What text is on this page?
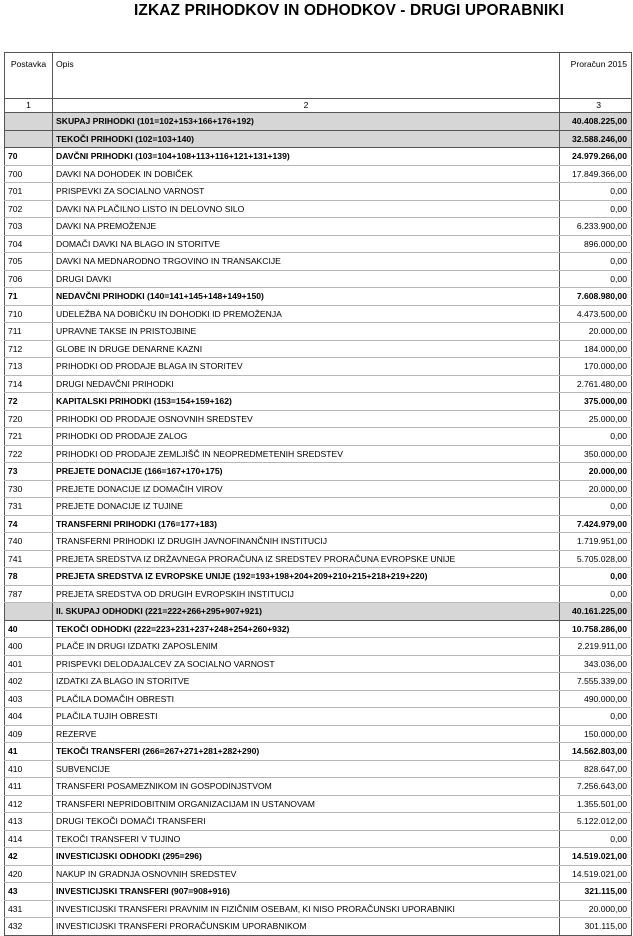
IZKAZ PRIHODKOV IN ODHODKOV - DRUGI UPORABNIKI
Postavka	Opis	Proračun 2015
1	2	3
	SKUPAJ PRIHODKI (101=102+153+166+176+192)	40.408.225,00
	TEKOČI PRIHODKI (102=103+140)	32.588.246,00
70	DAVČNI PRIHODKI (103=104+108+113+116+121+131+139)	24.979.266,00
700	DAVKI NA DOHODEK IN DOBIČEK	17.849.366,00
701	PRISPEVKI ZA SOCIALNO VARNOST	0,00
702	DAVKI NA PLAČILNO LISTO IN DELOVNO SILO	0,00
703	DAVKI NA PREMOŽENJE	6.233.900,00
704	DOMAČI DAVKI NA BLAGO IN STORITVE	896.000,00
705	DAVKI NA MEDNARODNO TRGOVINO IN TRANSAKCIJE	0,00
706	DRUGI DAVKI	0,00
71	NEDAVČNI PRIHODKI (140=141+145+148+149+150)	7.608.980,00
710	UDELEŽBA NA DOBIČKU IN DOHODKI ID PREMOŽENJA	4.473.500,00
711	UPRAVNE TAKSE IN PRISTOJBINE	20.000,00
712	GLOBE IN DRUGE DENARNE KAZNI	184.000,00
713	PRIHODKI OD PRODAJE BLAGA IN STORITEV	170.000,00
714	DRUGI NEDAVČNI PRIHODKI	2.761.480,00
72	KAPITALSKI PRIHODKI (153=154+159+162)	375.000,00
720	PRIHODKI OD PRODAJE OSNOVNIH SREDSTEV	25.000,00
721	PRIHODKI OD PRODAJE ZALOG	0,00
722	PRIHODKI OD PRODAJE ZEMLJIŠČ IN NEOPREDMETENIH SREDSTEV	350.000,00
73	PREJETE DONACIJE (166=167+170+175)	20.000,00
730	PREJETE DONACIJE IZ DOMAČIH VIROV	20.000,00
731	PREJETE DONACIJE IZ TUJINE	0,00
74	TRANSFERNI PRIHODKI (176=177+183)	7.424.979,00
740	TRANSFERNI PRIHODKI IZ DRUGIH JAVNOFINANČNIH INSTITUCIJ	1.719.951,00
741	PREJETA SREDSTVA IZ DRŽAVNEGA PRORAČUNA IZ SREDSTEV PRORAČUNA EVROPSKE UNIJE	5.705.028,00
78	PREJETA SREDSTVA IZ EVROPSKE UNIJE (192=193+198+204+209+210+215+218+219+220)	0,00
787	PREJETA SREDSTVA OD DRUGIH EVROPSKIH INSTITUCIJ	0,00
	II. SKUPAJ ODHODKI (221=222+266+295+907+921)	40.161.225,00
40	TEKOČI ODHODKI (222=223+231+237+248+254+260+932)	10.758.286,00
400	PLAČE IN DRUGI IZDATKI ZAPOSLENIM	2.219.911,00
401	PRISPEVKI DELODAJALCEV ZA SOCIALNO VARNOST	343.036,00
402	IZDATKI ZA BLAGO IN STORITVE	7.555.339,00
403	PLAČILA DOMAČIH OBRESTI	490.000,00
404	PLAČILA TUJIH OBRESTI	0,00
409	REZERVE	150.000,00
41	TEKOČI TRANSFERI (266=267+271+281+282+290)	14.562.803,00
410	SUBVENCIJE	828.647,00
411	TRANSFERI POSAMEZNIKOM IN GOSPODINJSTVOM	7.256.643,00
412	TRANSFERI NEPRIDOBITNIM ORGANIZACIJAM IN USTANOVAM	1.355.501,00
413	DRUGI TEKOČI DOMAČI TRANSFERI	5.122.012,00
414	TEKOČI TRANSFERI V TUJINO	0,00
42	INVESTICIJSKI ODHODKI (295=296)	14.519.021,00
420	NAKUP IN GRADNJA OSNOVNIH SREDSTEV	14.519.021,00
43	INVESTICIJSKI TRANSFERI (907=908+916)	321.115,00
431	INVESTICIJSKI TRANSFERI PRAVNIM IN FIZIČNIM OSEBAM, KI NISO PRORAČUNSKI UPORABNIKI	20.000,00
432	INVESTICIJSKI TRANSFERI PRORAČUNSKIM UPORABNIKOM	301.115,00
